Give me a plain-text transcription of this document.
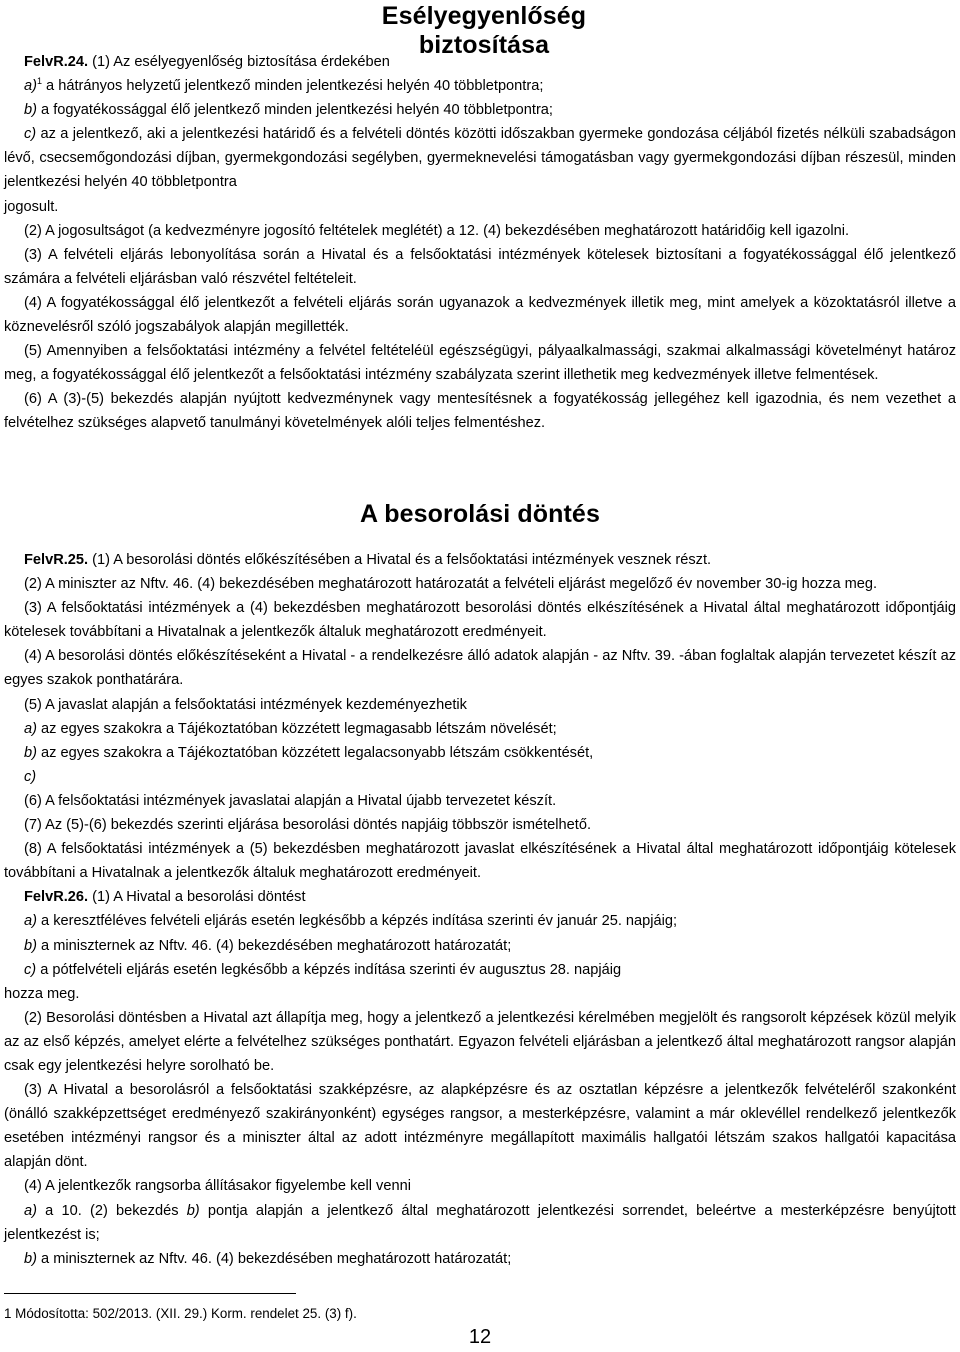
Esélyegyenlőség biztosítása

FelvR.24. (1) Az esélyegyenlőség biztosítása érdekében

a)$^1$ a hátrányos helyzetű jelentkező minden jelentkezési helyén 40 többletpontra;

b) a fogyatékossággal élő jelentkező minden jelentkezési helyén 40 többletpontra;

c) az a jelentkező, aki a jelentkezési határidő és a felvételi döntés közötti időszakban gyermeke gondozása céljából fizetés nélküli szabadságon lévő, csecsemőgondozási díjban, gyermekgondozási segélyben, gyermeknevelési támogatásban vagy gyermekgondozási díjban részesül, minden jelentkezési helyén 40 többletpontra

jogosult.

(2) A jogosultságot (a kedvezményre jogosító feltételek meglétét) a 12. (4) bekezdésében meghatározott határidőig kell igazolni.

(3) A felvételi eljárás lebonyolítása során a Hivatal és a felsőoktatási intézmények kötelesek biztosítani a fogyatékossággal élő jelentkező számára a felvételi eljárásban való részvétel feltételeit.

(4) A fogyatékossággal élő jelentkezőt a felvételi eljárás során ugyanazok a kedvezmények illetik meg, mint amelyek a közoktatásról illetve a köznevelésről szóló jogszabályok alapján megillették.

(5) Amennyiben a felsőoktatási intézmény a felvétel feltételéül egészségügyi, pályaalkalmassági, szakmai alkalmassági követelményt határoz meg, a fogyatékossággal élő jelentkezőt a felsőoktatási intézmény szabályzata szerint illethetik meg kedvezmények illetve felmentések.

(6) A (3)-(5) bekezdés alapján nyújtott kedvezménynek vagy mentesítésnek a fogyatékosság jellegéhez kell igazodnia, és nem vezethet a felvételhez szükséges alapvető tanulmányi követelmények alóli teljes felmentéshez.

A besorolási döntés

FelvR.25. (1) A besorolási döntés előkészítésében a Hivatal és a felsőoktatási intézmények vesznek részt.

(2) A miniszter az Nftv. 46. (4) bekezdésében meghatározott határozatát a felvételi eljárást megelőző év november 30-ig hozza meg.

(3) A felsőoktatási intézmények a (4) bekezdésben meghatározott besorolási döntés elkészítésének a Hivatal által meghatározott időpontjáig kötelesek továbbítani a Hivatalnak a jelentkezők általuk meghatározott eredményeit.

(4) A besorolási döntés előkészítéseként a Hivatal - a rendelkezésre álló adatok alapján - az Nftv. 39. -ában foglaltak alapján tervezetet készít az egyes szakok ponthatárára.

(5) A javaslat alapján a felsőoktatási intézmények kezdeményezhetik

a) az egyes szakokra a Tájékoztatóban közzétett legmagasabb létszám növelését;

b) az egyes szakokra a Tájékoztatóban közzétett legalacsonyabb létszám csökkentését,

c)

(6) A felsőoktatási intézmények javaslatai alapján a Hivatal újabb tervezetet készít.

(7) Az (5)-(6) bekezdés szerinti eljárása besorolási döntés napjáig többször ismételhető.

(8) A felsőoktatási intézmények a (5) bekezdésben meghatározott javaslat elkészítésének a Hivatal által meghatározott időpontjáig kötelesek továbbítani a Hivatalnak a jelentkezők általuk meghatározott eredményeit.

FelvR.26. (1) A Hivatal a besorolási döntést

a) a keresztféléves felvételi eljárás esetén legkésőbb a képzés indítása szerinti év január 25. napjáig;

b) a miniszternek az Nftv. 46. (4) bekezdésében meghatározott határozatát;

c) a pótfelvételi eljárás esetén legkésőbb a képzés indítása szerinti év augusztus 28. napjáig

hozza meg.

(2) Besorolási döntésben a Hivatal azt állapítja meg, hogy a jelentkező a jelentkezési kérelmében megjelölt és rangsorolt képzések közül melyik az az első képzés, amelyet elérte a felvételhez szükséges ponthatárt. Egyazon felvételi eljárásban a jelentkező által meghatározott rangsor alapján csak egy jelentkezési helyre sorolható be.

(3) A Hivatal a besorolásról a felsőoktatási szakképzésre, az alapképzésre és az osztatlan képzésre a jelentkezők felvételéről szakonként (önálló szakképzettséget eredményező szakirányonként) egységes rangsor, a mesterképzésre, valamint a már oklevéllel rendelkező jelentkezők esetében intézményi rangsor és a miniszter által az adott intézményre megállapított maximális hallgatói létszám szakos hallgatói kapacitása alapján dönt.

(4) A jelentkezők rangsorba állításakor figyelembe kell venni

a) a 10. (2) bekezdés b) pontja alapján a jelentkező által meghatározott jelentkezési sorrendet, beleértve a mesterképzésre benyújtott jelentkezést is;

b) a miniszternek az Nftv. 46. (4) bekezdésében meghatározott határozatát;

1 Módosította: 502/2013. (XII. 29.) Korm. rendelet 25. (3) f).
12
